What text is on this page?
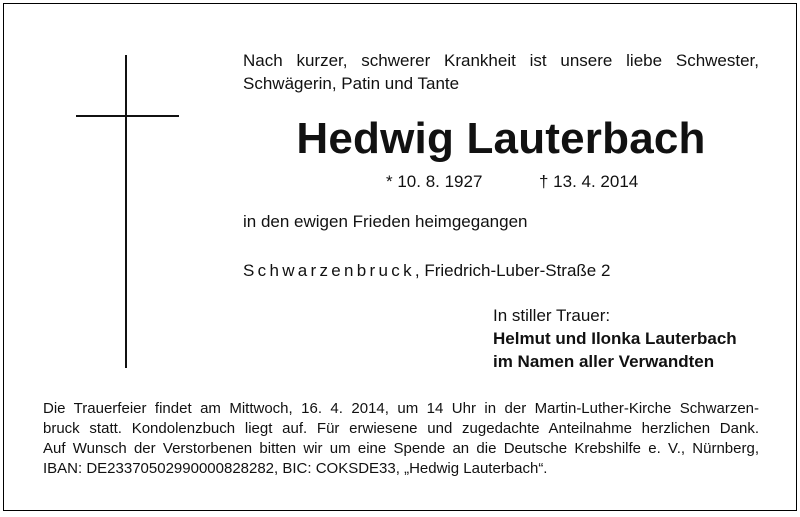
Nach kurzer, schwerer Krankheit ist unsere liebe Schwester, Schwägerin, Patin und Tante
Hedwig Lauterbach
* 10. 8. 1927	† 13. 4. 2014
in den ewigen Frieden heimgegangen
Schwarzenbruck, Friedrich-Luber-Straße 2
In stiller Trauer:
Helmut und Ilonka Lauterbach
im Namen aller Verwandten
Die Trauerfeier findet am Mittwoch, 16. 4. 2014, um 14 Uhr in der Martin-Luther-Kirche Schwarzen-
bruck statt. Kondolenzbuch liegt auf. Für erwiesene und zugedachte Anteilnahme herzlichen Dank.
Auf Wunsch der Verstorbenen bitten wir um eine Spende an die Deutsche Krebshilfe e. V., Nürnberg,
IBAN: DE23370502990000828282, BIC: COKSDE33, „Hedwig Lauterbach“.
